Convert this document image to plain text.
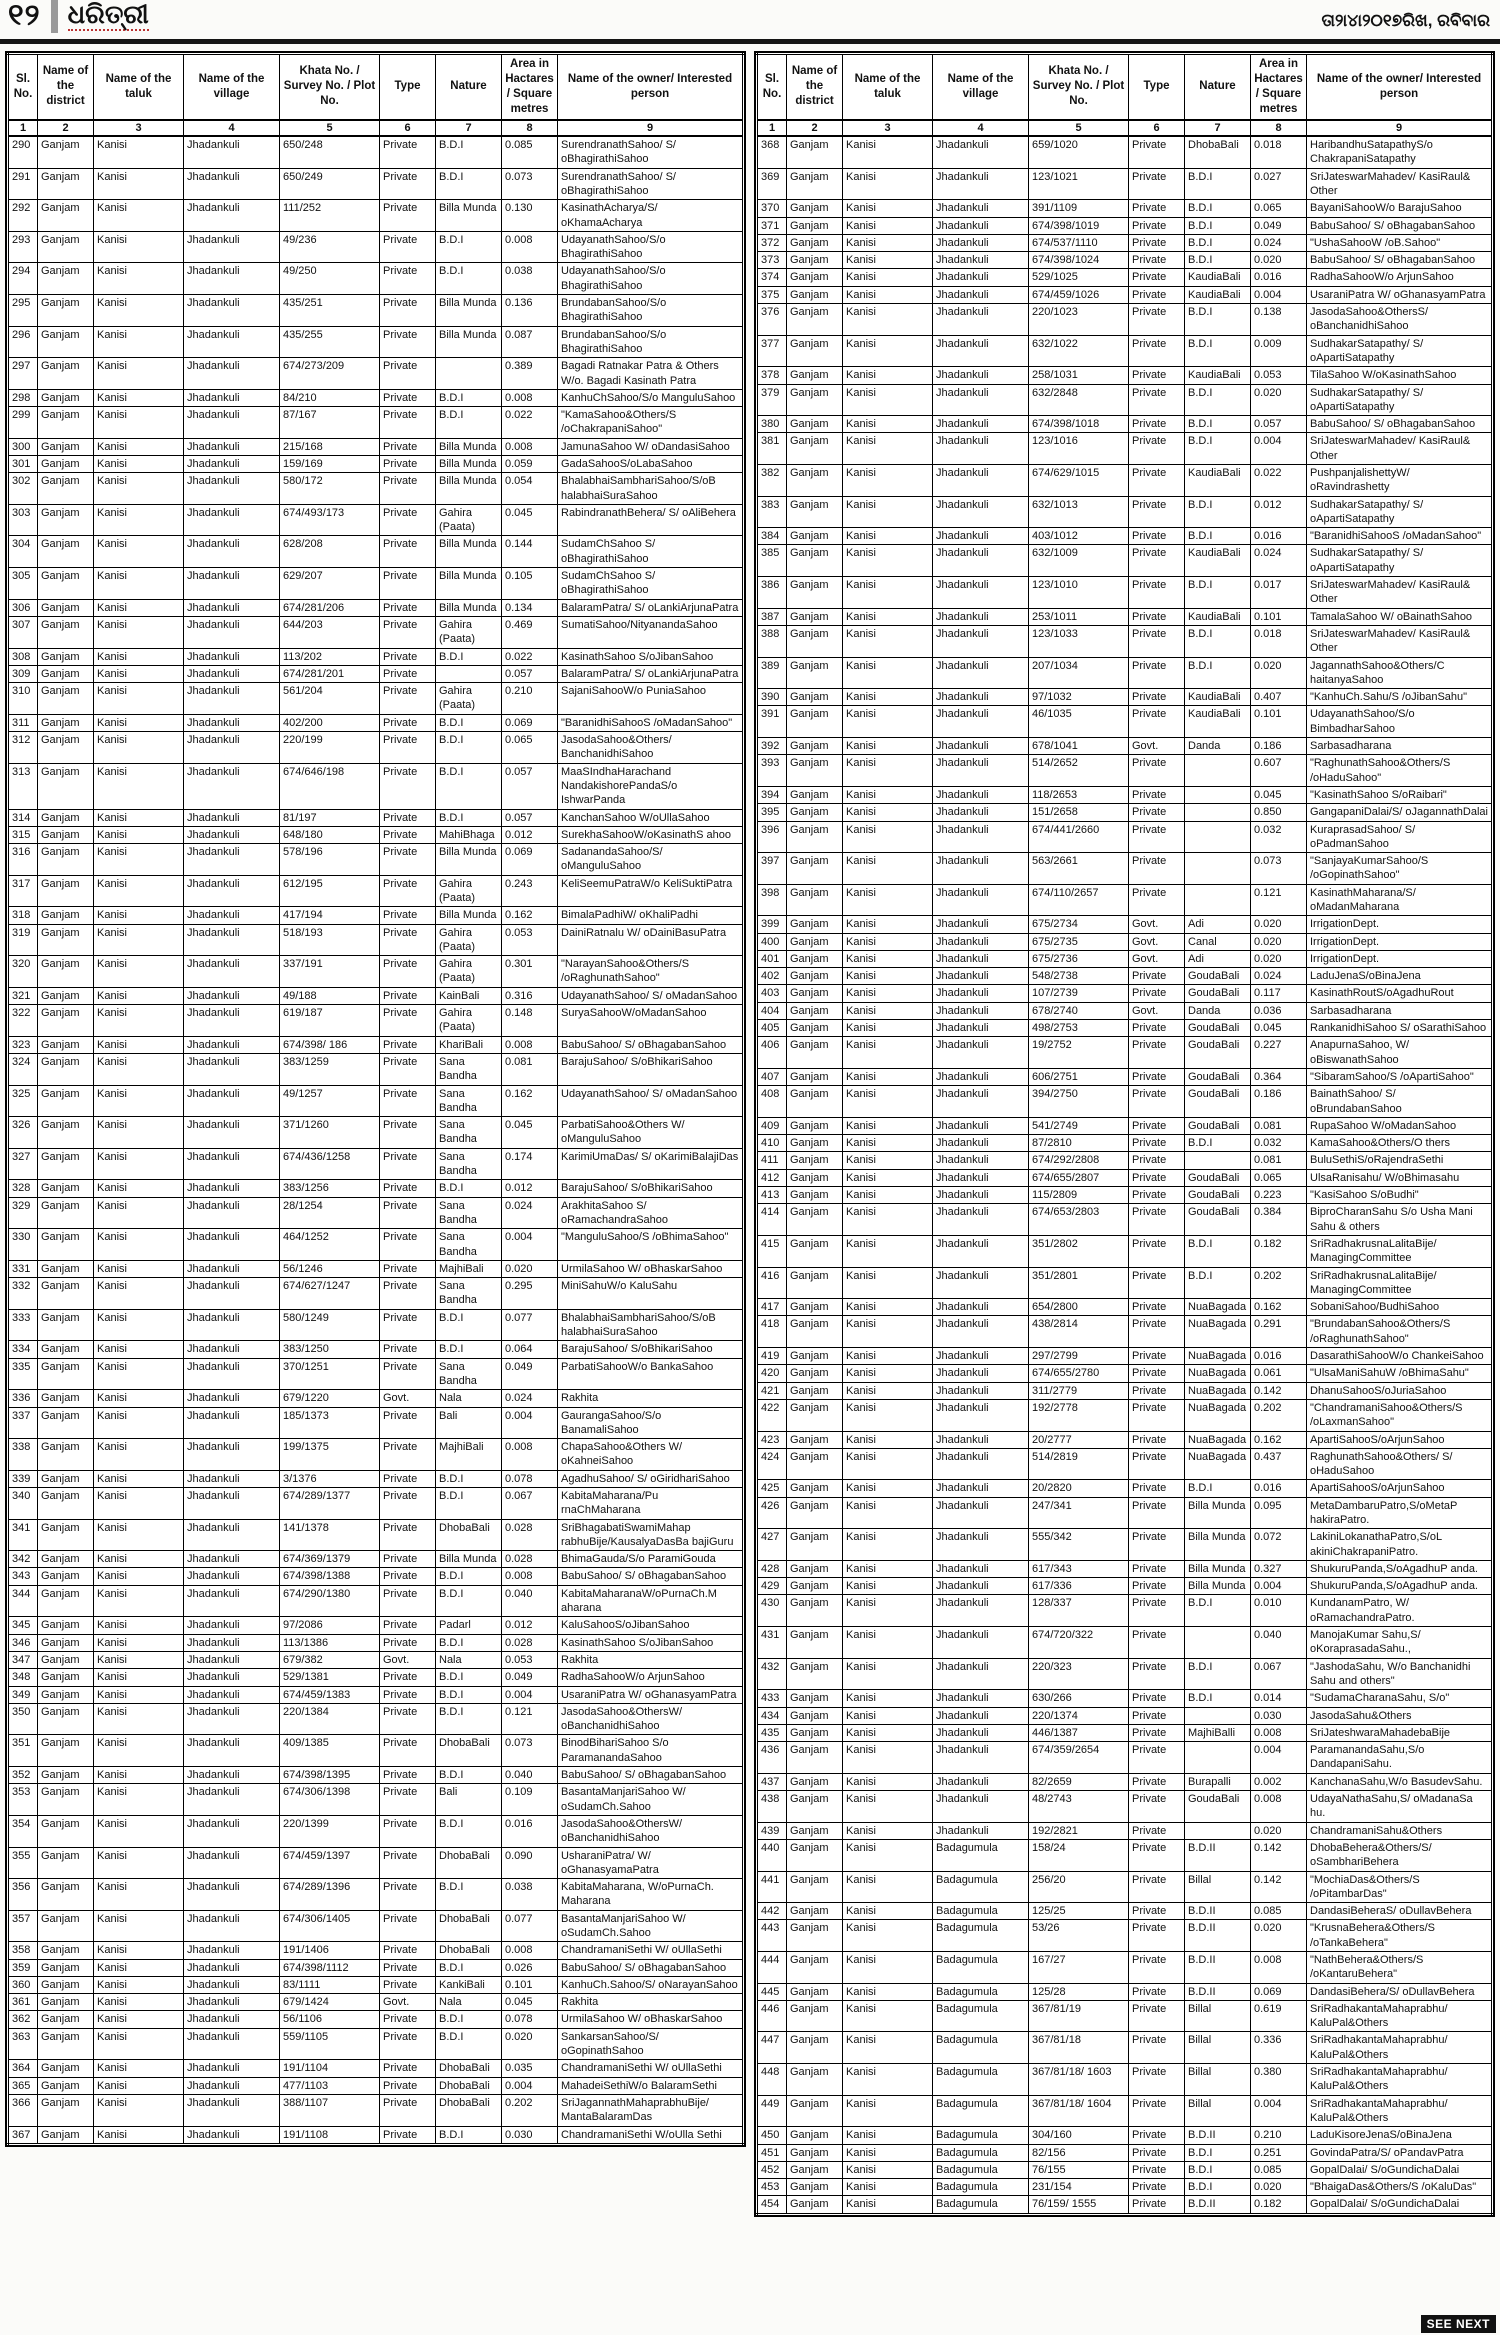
୧୨ ଧରିତ୍ରୀ	ତା୨ା୪ା୨୦୧୭ରିଖ, ରବିବାର
Sl. No.	Name of the district	Name of the taluk	Name of the village	Khata No. / Survey No. / Plot No.	Type	Nature	Area in Hactares / Square metres	Name of the owner/ Interested person
1	2	3	4	5	6	7	8	9
290	Ganjam	Kanisi	Jhadankuli	650/248	Private	B.D.I	0.085	SurendranathSahoo/ S/ oBhagirathiSahoo
291	Ganjam	Kanisi	Jhadankuli	650/249	Private	B.D.I	0.073	SurendranathSahoo/ S/ oBhagirathiSahoo
292	Ganjam	Kanisi	Jhadankuli	111/252	Private	Billa Munda	0.130	KasinathAcharya/S/ oKhamaAcharya
293	Ganjam	Kanisi	Jhadankuli	49/236	Private	B.D.I	0.008	UdayanathSahoo/S/o BhagirathiSahoo
294	Ganjam	Kanisi	Jhadankuli	49/250	Private	B.D.I	0.038	UdayanathSahoo/S/o BhagirathiSahoo
295	Ganjam	Kanisi	Jhadankuli	435/251	Private	Billa Munda	0.136	BrundabanSahoo/S/o BhagirathiSahoo
296	Ganjam	Kanisi	Jhadankuli	435/255	Private	Billa Munda	0.087	BrundabanSahoo/S/o BhagirathiSahoo
297	Ganjam	Kanisi	Jhadankuli	674/273/209	Private		0.389	Bagadi Ratnakar Patra & Others W/o. Bagadi Kasinath Patra
298	Ganjam	Kanisi	Jhadankuli	84/210	Private	B.D.I	0.008	KanhuChSahoo/S/o ManguluSahoo
299	Ganjam	Kanisi	Jhadankuli	87/167	Private	B.D.I	0.022	"KamaSahoo&Others/S /oChakrapaniSahoo"
300	Ganjam	Kanisi	Jhadankuli	215/168	Private	Billa Munda	0.008	JamunaSahoo W/ oDandasiSahoo
301	Ganjam	Kanisi	Jhadankuli	159/169	Private	Billa Munda	0.059	GadaSahooS/oLabaSahoo
302	Ganjam	Kanisi	Jhadankuli	580/172	Private	Billa Munda	0.054	BhalabhaiSambhariSahoo/S/oB halabhaiSuraSahoo
303	Ganjam	Kanisi	Jhadankuli	674/493/173	Private	Gahira (Paata)	0.045	RabindranathBehera/ S/ oAliBehera
304	Ganjam	Kanisi	Jhadankuli	628/208	Private	Billa Munda	0.144	SudamChSahoo S/ oBhagirathiSahoo
305	Ganjam	Kanisi	Jhadankuli	629/207	Private	Billa Munda	0.105	SudamChSahoo S/ oBhagirathiSahoo
306	Ganjam	Kanisi	Jhadankuli	674/281/206	Private	Billa Munda	0.134	BalaramPatra/ S/ oLankiArjunaPatra
307	Ganjam	Kanisi	Jhadankuli	644/203	Private	Gahira (Paata)	0.469	SumatiSahoo/NityanandaSahoo
308	Ganjam	Kanisi	Jhadankuli	113/202	Private	B.D.I	0.022	KasinathSahoo S/oJibanSahoo
309	Ganjam	Kanisi	Jhadankuli	674/281/201	Private		0.057	BalaramPatra/ S/ oLankiArjunaPatra
310	Ganjam	Kanisi	Jhadankuli	561/204	Private	Gahira (Paata)	0.210	SajaniSahooW/o PuniaSahoo
311	Ganjam	Kanisi	Jhadankuli	402/200	Private	B.D.I	0.069	"BaranidhiSahooS /oMadanSahoo"
312	Ganjam	Kanisi	Jhadankuli	220/199	Private	B.D.I	0.065	JasodaSahoo&Others/ BanchanidhiSahoo
313	Ganjam	Kanisi	Jhadankuli	674/646/198	Private	B.D.I	0.057	MaaSIndhaHarachand NandakishorePandaS/o IshwarPanda
314	Ganjam	Kanisi	Jhadankuli	81/197	Private	B.D.I	0.057	KanchanSahoo W/oUllaSahoo
315	Ganjam	Kanisi	Jhadankuli	648/180	Private	MahiBhaga	0.012	SurekhaSahooW/oKasinathS ahoo
316	Ganjam	Kanisi	Jhadankuli	578/196	Private	Billa Munda	0.069	SadanandaSahoo/S/ oManguluSahoo
317	Ganjam	Kanisi	Jhadankuli	612/195	Private	Gahira (Paata)	0.243	KeliSeemuPatraW/o KeliSuktiPatra
318	Ganjam	Kanisi	Jhadankuli	417/194	Private	Billa Munda	0.162	BimalaPadhiW/ oKhaliPadhi
319	Ganjam	Kanisi	Jhadankuli	518/193	Private	Gahira (Paata)	0.053	DainiRatnalu W/ oDainiBasuPatra
320	Ganjam	Kanisi	Jhadankuli	337/191	Private	Gahira (Paata)	0.301	"NarayanSahoo&Others/S /oRaghunathSahoo"
321	Ganjam	Kanisi	Jhadankuli	49/188	Private	KainBali	0.316	UdayanathSahoo/ S/ oMadanSahoo
322	Ganjam	Kanisi	Jhadankuli	619/187	Private	Gahira (Paata)	0.148	SuryaSahooW/oMadanSahoo
323	Ganjam	Kanisi	Jhadankuli	674/398/ 186	Private	KhariBali	0.008	BabuSahoo/ S/ oBhagabanSahoo
324	Ganjam	Kanisi	Jhadankuli	383/1259	Private	Sana Bandha	0.081	BarajuSahoo/ S/oBhikariSahoo
325	Ganjam	Kanisi	Jhadankuli	49/1257	Private	Sana Bandha	0.162	UdayanathSahoo/ S/ oMadanSahoo
326	Ganjam	Kanisi	Jhadankuli	371/1260	Private	Sana Bandha	0.045	ParbatiSahoo&Others W/ oManguluSahoo
327	Ganjam	Kanisi	Jhadankuli	674/436/1258	Private	Sana Bandha	0.174	KarimiUmaDas/ S/ oKarimiBalajiDas
328	Ganjam	Kanisi	Jhadankuli	383/1256	Private	B.D.I	0.012	BarajuSahoo/ S/oBhikariSahoo
329	Ganjam	Kanisi	Jhadankuli	28/1254	Private	Sana Bandha	0.024	ArakhitaSahoo S/ oRamachandraSahoo
330	Ganjam	Kanisi	Jhadankuli	464/1252	Private	Sana Bandha	0.004	"ManguluSahoo/S /oBhimaSahoo"
331	Ganjam	Kanisi	Jhadankuli	56/1246	Private	MajhiBali	0.020	UrmilaSahoo W/ oBhaskarSahoo
332	Ganjam	Kanisi	Jhadankuli	674/627/1247	Private	Sana Bandha	0.295	MiniSahuW/o KaluSahu
333	Ganjam	Kanisi	Jhadankuli	580/1249	Private	B.D.I	0.077	BhalabhaiSambhariSahoo/S/oB halabhaiSuraSahoo
334	Ganjam	Kanisi	Jhadankuli	383/1250	Private	B.D.I	0.064	BarajuSahoo/ S/oBhikariSahoo
335	Ganjam	Kanisi	Jhadankuli	370/1251	Private	Sana Bandha	0.049	ParbatiSahooW/o BankaSahoo
336	Ganjam	Kanisi	Jhadankuli	679/1220	Govt.	Nala	0.024	Rakhita
337	Ganjam	Kanisi	Jhadankuli	185/1373	Private	Bali	0.004	GaurangaSahoo/S/o BanamaliSahoo
338	Ganjam	Kanisi	Jhadankuli	199/1375	Private	MajhiBali	0.008	ChapaSahoo&Others W/ oKahneiSahoo
339	Ganjam	Kanisi	Jhadankuli	3/1376	Private	B.D.I	0.078	AgadhuSahoo/ S/ oGiridhariSahoo
340	Ganjam	Kanisi	Jhadankuli	674/289/1377	Private	B.D.I	0.067	KabitaMaharana/Pu rnaChMaharana
341	Ganjam	Kanisi	Jhadankuli	141/1378	Private	DhobaBali	0.028	SriBhagabatiSwamiMahap rabhuBije/KausalyaDasBa bajiGuru
342	Ganjam	Kanisi	Jhadankuli	674/369/1379	Private	Billa Munda	0.028	BhimaGauda/S/o ParamiGouda
343	Ganjam	Kanisi	Jhadankuli	674/398/1388	Private	B.D.I	0.008	BabuSahoo/ S/ oBhagabanSahoo
344	Ganjam	Kanisi	Jhadankuli	674/290/1380	Private	B.D.I	0.040	KabitaMaharanaW/oPurnaCh.M aharana
345	Ganjam	Kanisi	Jhadankuli	97/2086	Private	Padarl	0.012	KaluSahooS/oJibanSahoo
346	Ganjam	Kanisi	Jhadankuli	113/1386	Private	B.D.I	0.028	KasinathSahoo S/oJibanSahoo
347	Ganjam	Kanisi	Jhadankuli	679/382	Govt.	Nala	0.053	Rakhita
348	Ganjam	Kanisi	Jhadankuli	529/1381	Private	B.D.I	0.049	RadhaSahooW/o ArjunSahoo
349	Ganjam	Kanisi	Jhadankuli	674/459/1383	Private	B.D.I	0.004	UsaraniPatra W/ oGhanasyamPatra
350	Ganjam	Kanisi	Jhadankuli	220/1384	Private	B.D.I	0.121	JasodaSahoo&OthersW/ oBanchanidhiSahoo
351	Ganjam	Kanisi	Jhadankuli	409/1385	Private	DhobaBali	0.073	BinodBihariSahoo S/o ParamanandaSahoo
352	Ganjam	Kanisi	Jhadankuli	674/398/1395	Private	B.D.I	0.040	BabuSahoo/ S/ oBhagabanSahoo
353	Ganjam	Kanisi	Jhadankuli	674/306/1398	Private	Bali	0.109	BasantaManjariSahoo W/ oSudamCh.Sahoo
354	Ganjam	Kanisi	Jhadankuli	220/1399	Private	B.D.I	0.016	JasodaSahoo&OthersW/ oBanchanidhiSahoo
355	Ganjam	Kanisi	Jhadankuli	674/459/1397	Private	DhobaBali	0.090	UsharaniPatra/ W/ oGhanasyamaPatra
356	Ganjam	Kanisi	Jhadankuli	674/289/1396	Private	B.D.I	0.038	KabitaMaharana, W/oPurnaCh. Maharana
357	Ganjam	Kanisi	Jhadankuli	674/306/1405	Private	DhobaBali	0.077	BasantaManjariSahoo W/ oSudamCh.Sahoo
358	Ganjam	Kanisi	Jhadankuli	191/1406	Private	DhobaBali	0.008	ChandramaniSethi W/ oUllaSethi
359	Ganjam	Kanisi	Jhadankuli	674/398/1112	Private	B.D.I	0.026	BabuSahoo/ S/ oBhagabanSahoo
360	Ganjam	Kanisi	Jhadankuli	83/1111	Private	KankiBali	0.101	KanhuCh.Sahoo/S/ oNarayanSahoo
361	Ganjam	Kanisi	Jhadankuli	679/1424	Govt.	Nala	0.045	Rakhita
362	Ganjam	Kanisi	Jhadankuli	56/1106	Private	B.D.I	0.078	UrmilaSahoo W/ oBhaskarSahoo
363	Ganjam	Kanisi	Jhadankuli	559/1105	Private	B.D.I	0.020	SankarsanSahoo/S/ oGopinathSahoo
364	Ganjam	Kanisi	Jhadankuli	191/1104	Private	DhobaBali	0.035	ChandramaniSethi W/ oUllaSethi
365	Ganjam	Kanisi	Jhadankuli	477/1103	Private	DhobaBali	0.004	MahadeiSethiW/o BalaramSethi
366	Ganjam	Kanisi	Jhadankuli	388/1107	Private	DhobaBali	0.202	SriJagannathMahaprabhuBije/ MantaBalaramDas
367	Ganjam	Kanisi	Jhadankuli	191/1108	Private	B.D.I	0.030	ChandramaniSethi W/oUlla Sethi
Sl. No.	Name of the district	Name of the taluk	Name of the village	Khata No. / Survey No. / Plot No.	Type	Nature	Area in Hactares / Square metres	Name of the owner/ Interested person
1	2	3	4	5	6	7	8	9
368	Ganjam	Kanisi	Jhadankuli	659/1020	Private	DhobaBali	0.018	HaribandhuSatapathyS/o ChakrapaniSatapathy
369	Ganjam	Kanisi	Jhadankuli	123/1021	Private	B.D.I	0.027	SriJateswarMahadev/ KasiRaul& Other
370	Ganjam	Kanisi	Jhadankuli	391/1109	Private	B.D.I	0.065	BayaniSahooW/o BarajuSahoo
371	Ganjam	Kanisi	Jhadankuli	674/398/1019	Private	B.D.I	0.049	BabuSahoo/ S/ oBhagabanSahoo
372	Ganjam	Kanisi	Jhadankuli	674/537/1110	Private	B.D.I	0.024	"UshaSahooW /oB.Sahoo"
373	Ganjam	Kanisi	Jhadankuli	674/398/1024	Private	B.D.I	0.020	BabuSahoo/ S/ oBhagabanSahoo
374	Ganjam	Kanisi	Jhadankuli	529/1025	Private	KaudiaBali	0.016	RadhaSahooW/o ArjunSahoo
375	Ganjam	Kanisi	Jhadankuli	674/459/1026	Private	KaudiaBali	0.004	UsaraniPatra W/ oGhanasyamPatra
376	Ganjam	Kanisi	Jhadankuli	220/1023	Private	B.D.I	0.138	JasodaSahoo&OthersS/ oBanchanidhiSahoo
377	Ganjam	Kanisi	Jhadankuli	632/1022	Private	B.D.I	0.009	SudhakarSatapathy/ S/ oApartiSatapathy
378	Ganjam	Kanisi	Jhadankuli	258/1031	Private	KaudiaBali	0.053	TilaSahoo W/oKasinathSahoo
379	Ganjam	Kanisi	Jhadankuli	632/2848	Private	B.D.I	0.020	SudhakarSatapathy/ S/ oApartiSatapathy
380	Ganjam	Kanisi	Jhadankuli	674/398/1018	Private	B.D.I	0.057	BabuSahoo/ S/ oBhagabanSahoo
381	Ganjam	Kanisi	Jhadankuli	123/1016	Private	B.D.I	0.004	SriJateswarMahadev/ KasiRaul& Other
382	Ganjam	Kanisi	Jhadankuli	674/629/1015	Private	KaudiaBali	0.022	PushpanjalishettyW/ oRavindrashetty
383	Ganjam	Kanisi	Jhadankuli	632/1013	Private	B.D.I	0.012	SudhakarSatapathy/ S/ oApartiSatapathy
384	Ganjam	Kanisi	Jhadankuli	403/1012	Private	B.D.I	0.016	"BaranidhiSahooS /oMadanSahoo"
385	Ganjam	Kanisi	Jhadankuli	632/1009	Private	KaudiaBali	0.024	SudhakarSatapathy/ S/ oApartiSatapathy
386	Ganjam	Kanisi	Jhadankuli	123/1010	Private	B.D.I	0.017	SriJateswarMahadev/ KasiRaul& Other
387	Ganjam	Kanisi	Jhadankuli	253/1011	Private	KaudiaBali	0.101	TamalaSahoo W/ oBainathSahoo
388	Ganjam	Kanisi	Jhadankuli	123/1033	Private	B.D.I	0.018	SriJateswarMahadev/ KasiRaul& Other
389	Ganjam	Kanisi	Jhadankuli	207/1034	Private	B.D.I	0.020	JagannathSahoo&Others/C haitanyaSahoo
390	Ganjam	Kanisi	Jhadankuli	97/1032	Private	KaudiaBali	0.407	"KanhuCh.Sahu/S /oJibanSahu"
391	Ganjam	Kanisi	Jhadankuli	46/1035	Private	KaudiaBali	0.101	UdayanathSahoo/S/o BimbadharSahoo
392	Ganjam	Kanisi	Jhadankuli	678/1041	Govt.	Danda	0.186	Sarbasadharana
393	Ganjam	Kanisi	Jhadankuli	514/2652	Private		0.607	"RaghunathSahoo&Others/S /oHaduSahoo"
394	Ganjam	Kanisi	Jhadankuli	118/2653	Private		0.045	"KasinathSahoo S/oRaibari"
395	Ganjam	Kanisi	Jhadankuli	151/2658	Private		0.850	GangapaniDalai/S/ oJagannathDalai
396	Ganjam	Kanisi	Jhadankuli	674/441/2660	Private		0.032	KuraprasadSahoo/ S/ oPadmanSahoo
397	Ganjam	Kanisi	Jhadankuli	563/2661	Private		0.073	"SanjayaKumarSahoo/S /oGopinathSahoo"
398	Ganjam	Kanisi	Jhadankuli	674/110/2657	Private		0.121	KasinathMaharana/S/ oMadanMaharana
399	Ganjam	Kanisi	Jhadankuli	675/2734	Govt.	Adi	0.020	IrrigationDept.
400	Ganjam	Kanisi	Jhadankuli	675/2735	Govt.	Canal	0.020	IrrigationDept.
401	Ganjam	Kanisi	Jhadankuli	675/2736	Govt.	Adi	0.020	IrrigationDept.
402	Ganjam	Kanisi	Jhadankuli	548/2738	Private	GoudaBali	0.024	LaduJenaS/oBinaJena
403	Ganjam	Kanisi	Jhadankuli	107/2739	Private	GoudaBali	0.117	KasinathRoutS/oAgadhuRout
404	Ganjam	Kanisi	Jhadankuli	678/2740	Govt.	Danda	0.036	Sarbasadharana
405	Ganjam	Kanisi	Jhadankuli	498/2753	Private	GoudaBali	0.045	RankanidhiSahoo S/ oSarathiSahoo
406	Ganjam	Kanisi	Jhadankuli	19/2752	Private	GoudaBali	0.227	AnapurnaSahoo, W/ oBiswanathSahoo
407	Ganjam	Kanisi	Jhadankuli	606/2751	Private	GoudaBali	0.364	"SibaramSahoo/S /oApartiSahoo"
408	Ganjam	Kanisi	Jhadankuli	394/2750	Private	GoudaBali	0.186	BainathSahoo/ S/ oBrundabanSahoo
409	Ganjam	Kanisi	Jhadankuli	541/2749	Private	GoudaBali	0.081	RupaSahoo W/oMadanSahoo
410	Ganjam	Kanisi	Jhadankuli	87/2810	Private	B.D.I	0.032	KamaSahoo&Others/O thers
411	Ganjam	Kanisi	Jhadankuli	674/292/2808	Private		0.081	BuluSethiS/oRajendraSethi
412	Ganjam	Kanisi	Jhadankuli	674/655/2807	Private	GoudaBali	0.065	UlsaRanisahu/ W/oBhimasahu
413	Ganjam	Kanisi	Jhadankuli	115/2809	Private	GoudaBali	0.223	"KasiSahoo S/oBudhi"
414	Ganjam	Kanisi	Jhadankuli	674/653/2803	Private	GoudaBali	0.384	BiproCharanSahu S/o Usha Mani Sahu & others
415	Ganjam	Kanisi	Jhadankuli	351/2802	Private	B.D.I	0.182	SriRadhakrusnaLalitaBije/ ManagingCommittee
416	Ganjam	Kanisi	Jhadankuli	351/2801	Private	B.D.I	0.202	SriRadhakrusnaLalitaBije/ ManagingCommittee
417	Ganjam	Kanisi	Jhadankuli	654/2800	Private	NuaBagada	0.162	SobaniSahoo/BudhiSahoo
418	Ganjam	Kanisi	Jhadankuli	438/2814	Private	NuaBagada	0.291	"BrundabanSahoo&Others/S /oRaghunathSahoo"
419	Ganjam	Kanisi	Jhadankuli	297/2799	Private	NuaBagada	0.016	DasarathiSahooW/o ChankeiSahoo
420	Ganjam	Kanisi	Jhadankuli	674/655/2780	Private	NuaBagada	0.061	"UlsaManiSahuW /oBhimaSahu"
421	Ganjam	Kanisi	Jhadankuli	311/2779	Private	NuaBagada	0.142	DhanuSahooS/oJuriaSahoo
422	Ganjam	Kanisi	Jhadankuli	192/2778	Private	NuaBagada	0.202	"ChandramaniSahoo&Others/S /oLaxmanSahoo"
423	Ganjam	Kanisi	Jhadankuli	20/2777	Private	NuaBagada	0.162	ApartiSahooS/oArjunSahoo
424	Ganjam	Kanisi	Jhadankuli	514/2819	Private	NuaBagada	0.437	RaghunathSahoo&Others/ S/ oHaduSahoo
425	Ganjam	Kanisi	Jhadankuli	20/2820	Private	B.D.I	0.016	ApartiSahooS/oArjunSahoo
426	Ganjam	Kanisi	Jhadankuli	247/341	Private	Billa Munda	0.095	MetaDambaruPatro,S/oMetaP hakiraPatro.
427	Ganjam	Kanisi	Jhadankuli	555/342	Private	Billa Munda	0.072	LakiniLokanathaPatro,S/oL akiniChakrapaniPatro.
428	Ganjam	Kanisi	Jhadankuli	617/343	Private	Billa Munda	0.327	ShukuruPanda,S/oAgadhuP anda.
429	Ganjam	Kanisi	Jhadankuli	617/336	Private	Billa Munda	0.004	ShukuruPanda,S/oAgadhuP anda.
430	Ganjam	Kanisi	Jhadankuli	128/337	Private	B.D.I	0.010	KundanamPatro, W/ oRamachandraPatro.
431	Ganjam	Kanisi	Jhadankuli	674/720/322	Private		0.040	ManojaKumar Sahu,S/ oKoraprasadaSahu.,
432	Ganjam	Kanisi	Jhadankuli	220/323	Private	B.D.I	0.067	"JashodaSahu, W/o Banchanidhi Sahu and others"
433	Ganjam	Kanisi	Jhadankuli	630/266	Private	B.D.I	0.014	"SudamaCharanaSahu, S/o"
434	Ganjam	Kanisi	Jhadankuli	220/1374	Private		0.030	JasodaSahu&Others
435	Ganjam	Kanisi	Jhadankuli	446/1387	Private	MajhiBalli	0.008	SriJateshwaraMahadebaBije
436	Ganjam	Kanisi	Jhadankuli	674/359/2654	Private		0.004	ParamanandaSahu,S/o DandapaniSahu.
437	Ganjam	Kanisi	Jhadankuli	82/2659	Private	Burapalli	0.002	KanchanaSahu,W/o BasudevSahu.
438	Ganjam	Kanisi	Jhadankuli	48/2743	Private	GoudaBali	0.008	UdayaNathaSahu,S/ oMadanaSa hu.
439	Ganjam	Kanisi	Jhadankuli	192/2821	Private		0.020	ChandramaniSahu&Others
440	Ganjam	Kanisi	Badagumula	158/24	Private	B.D.II	0.142	DhobaBehera&Others/S/ oSambhariBehera
441	Ganjam	Kanisi	Badagumula	256/20	Private	Billal	0.142	"MochiaDas&Others/S /oPitambarDas"
442	Ganjam	Kanisi	Badagumula	125/25	Private	B.D.II	0.085	DandasiBeheraS/ oDullavBehera
443	Ganjam	Kanisi	Badagumula	53/26	Private	B.D.II	0.020	"KrusnaBehera&Others/S /oTankaBehera"
444	Ganjam	Kanisi	Badagumula	167/27	Private	B.D.II	0.008	"NathBehera&Others/S /oKantaruBehera"
445	Ganjam	Kanisi	Badagumula	125/28	Private	B.D.II	0.069	DandasiBehera/S/ oDullavBehera
446	Ganjam	Kanisi	Badagumula	367/81/19	Private	Billal	0.619	SriRadhakantaMahaprabhu/ KaluPal&Others
447	Ganjam	Kanisi	Badagumula	367/81/18	Private	Billal	0.336	SriRadhakantaMahaprabhu/ KaluPal&Others
448	Ganjam	Kanisi	Badagumula	367/81/18/ 1603	Private	Billal	0.380	SriRadhakantaMahaprabhu/ KaluPal&Others
449	Ganjam	Kanisi	Badagumula	367/81/18/ 1604	Private	Billal	0.004	SriRadhakantaMahaprabhu/ KaluPal&Others
450	Ganjam	Kanisi	Badagumula	304/160	Private	B.D.II	0.210	LaduKisoreJenaS/oBinaJena
451	Ganjam	Kanisi	Badagumula	82/156	Private	B.D.I	0.251	GovindaPatra/S/ oPandavPatra
452	Ganjam	Kanisi	Badagumula	76/155	Private	B.D.I	0.085	GopalDalai/ S/oGundichaDalai
453	Ganjam	Kanisi	Badagumula	231/154	Private	B.D.I	0.020	"BhaigaDas&Others/S /oKaluDas"
454	Ganjam	Kanisi	Badagumula	76/159/ 1555	Private	B.D.II	0.182	GopalDalai/ S/oGundichaDalai
SEE NEXT
